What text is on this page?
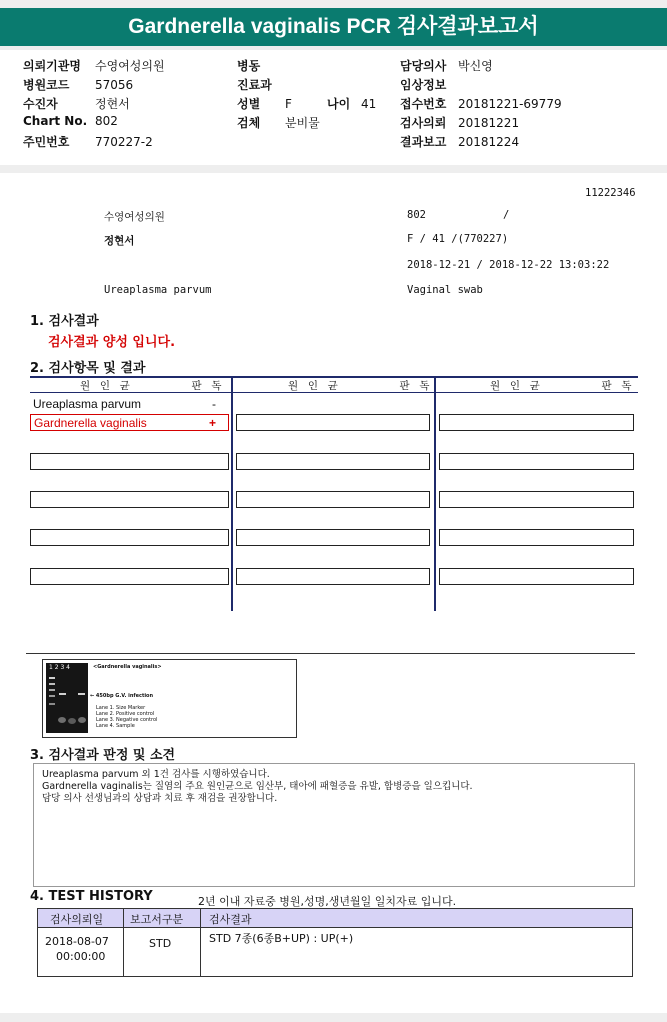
Gardnerella vaginalis PCR 검사결과보고서
의뢰기관명 수영여성의원
병원코드 57056
수진자	정현서
Chart No. 802
주민번호 770227-2
병동
진료과
성별 F	나이 41
검체 분비물
담당의사 박신영
임상정보
접수번호 20181221-69779
검사의뢰 20181221
결과보고 20181224
11222346
수영여성의원	802	/
정현서	F / 41 /(770227)
2018-12-21 / 2018-12-22 13:03:22
Ureaplasma parvum	Vaginal swab
1. 검사결과
검사결과 양성 입니다.
2. 검사항목 및 결과
원  인  균              판  독	원  인  균              판  독	원  인  균              판  독
Ureaplasma parvum	-
Gardnerella vaginalis	+
1 2 3 4	<Gardnerella vaginalis>
← 450bp G.V. infection
Lane 1. Size Marker
Lane 2. Positive control
Lane 3. Negative control
Lane 4. Sample
3. 검사결과 판정 및 소견
Ureaplasma parvum 외 1건 검사를 시행하였습니다.
Gardnerella vaginalis는 질염의 주요 원인균으로 임산부, 태아에 패혈증을 유발, 합병증을 일으킵니다.
담당 의사 선생님과의 상담과 치료 후 재검을 권장합니다.
4. TEST HISTORY	2년 이내 자료중 병원,성명,생년월일 일치자료 입니다.
검사의뢰일 보고서구분 검사결과
2018-08-07
00:00:00
STD	STD 7종(6종B+UP) : UP(+)
